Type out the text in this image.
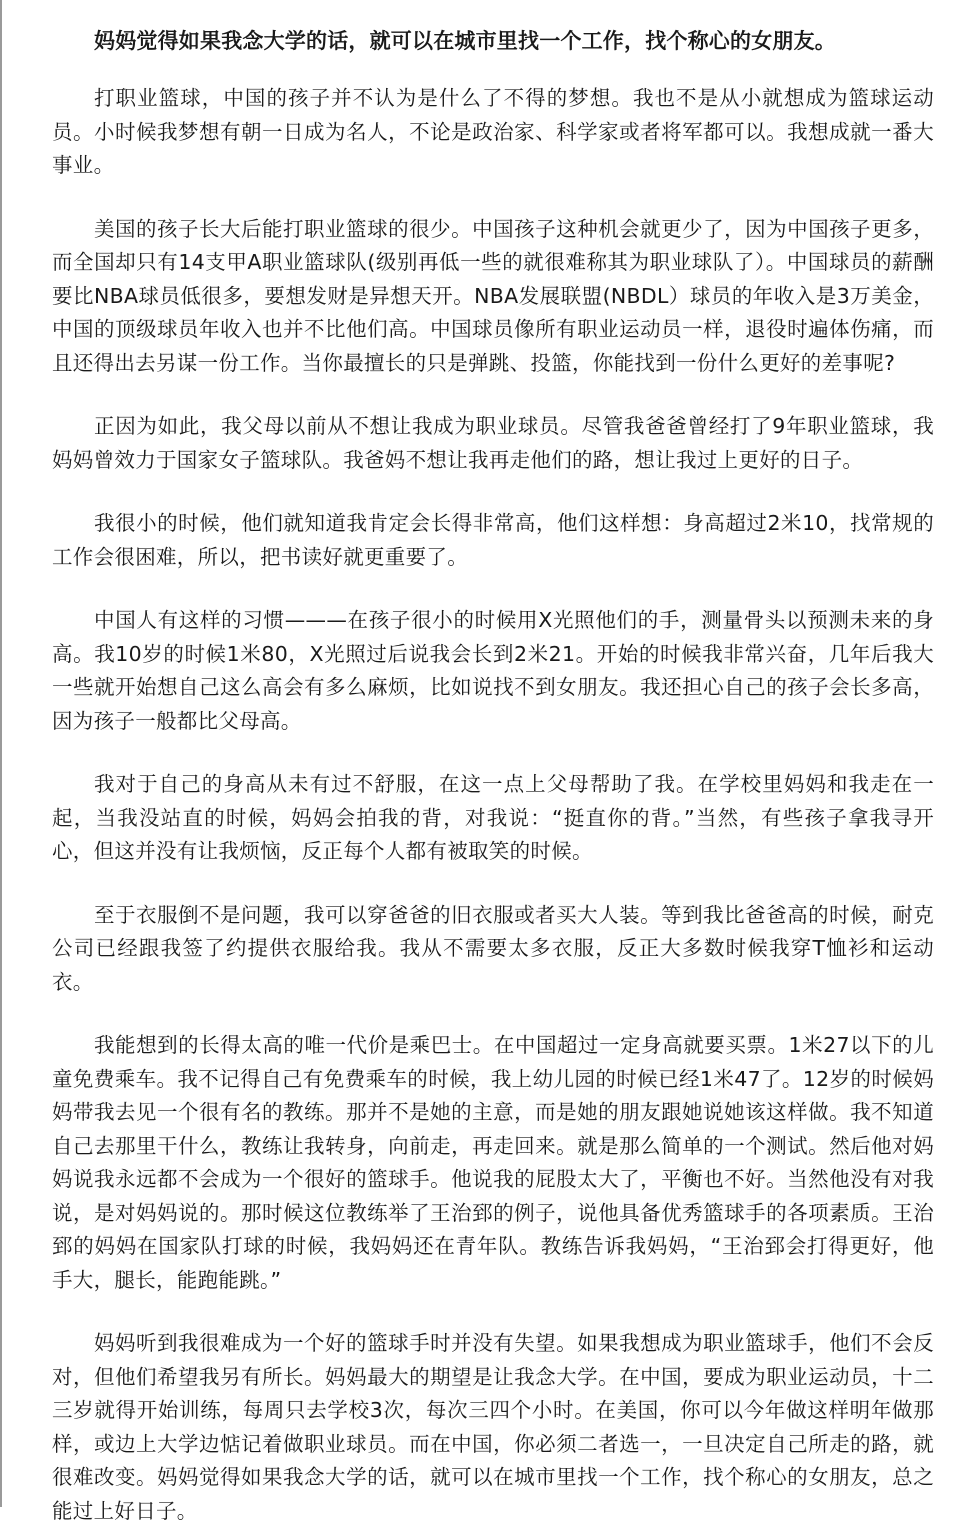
妈妈觉得如果我念大学的话，就可以在城市里找一个工作，找个称心的女朋友。

打职业篮球，中国的孩子并不认为是什么了不得的梦想。我也不是从小就想成为篮球运动员。小时候我梦想有朝一日成为名人，不论是政治家、科学家或者将军都可以。我想成就一番大事业。

美国的孩子长大后能打职业篮球的很少。中国孩子这种机会就更少了，因为中国孩子更多，而全国却只有14支甲A职业篮球队(级别再低一些的就很难称其为职业球队了）。中国球员的薪酬要比NBA球员低很多，要想发财是异想天开。NBA发展联盟(NBDL）球员的年收入是3万美金，中国的顶级球员年收入也并不比他们高。中国球员像所有职业运动员一样，退役时遍体伤痛，而且还得出去另谋一份工作。当你最擅长的只是弹跳、投篮，你能找到一份什么更好的差事呢?

正因为如此，我父母以前从不想让我成为职业球员。尽管我爸爸曾经打了9年职业篮球，我妈妈曾效力于国家女子篮球队。我爸妈不想让我再走他们的路，想让我过上更好的日子。

我很小的时候，他们就知道我肯定会长得非常高，他们这样想：身高超过2米10，找常规的工作会很困难，所以，把书读好就更重要了。

中国人有这样的习惯———在孩子很小的时候用X光照他们的手，测量骨头以预测未来的身高。我10岁的时候1米80，X光照过后说我会长到2米21。开始的时候我非常兴奋，几年后我大一些就开始想自己这么高会有多么麻烦，比如说找不到女朋友。我还担心自己的孩子会长多高，因为孩子一般都比父母高。

我对于自己的身高从未有过不舒服，在这一点上父母帮助了我。在学校里妈妈和我走在一起，当我没站直的时候，妈妈会拍我的背，对我说：“挺直你的背。”当然，有些孩子拿我寻开心，但这并没有让我烦恼，反正每个人都有被取笑的时候。

至于衣服倒不是问题，我可以穿爸爸的旧衣服或者买大人装。等到我比爸爸高的时候，耐克公司已经跟我签了约提供衣服给我。我从不需要太多衣服，反正大多数时候我穿T恤衫和运动衣。

我能想到的长得太高的唯一代价是乘巴士。在中国超过一定身高就要买票。1米27以下的儿童免费乘车。我不记得自己有免费乘车的时候，我上幼儿园的时候已经1米47了。12岁的时候妈妈带我去见一个很有名的教练。那并不是她的主意，而是她的朋友跟她说她该这样做。我不知道自己去那里干什么，教练让我转身，向前走，再走回来。就是那么简单的一个测试。然后他对妈妈说我永远都不会成为一个很好的篮球手。他说我的屁股太大了，平衡也不好。当然他没有对我说，是对妈妈说的。那时候这位教练举了王治郅的例子，说他具备优秀篮球手的各项素质。王治郅的妈妈在国家队打球的时候，我妈妈还在青年队。教练告诉我妈妈，“王治郅会打得更好，他手大，腿长，能跑能跳。”

妈妈听到我很难成为一个好的篮球手时并没有失望。如果我想成为职业篮球手，他们不会反对，但他们希望我另有所长。妈妈最大的期望是让我念大学。在中国，要成为职业运动员，十二三岁就得开始训练，每周只去学校3次，每次三四个小时。在美国，你可以今年做这样明年做那样，或边上大学边惦记着做职业球员。而在中国，你必须二者选一，一旦决定自己所走的路，就很难改变。妈妈觉得如果我念大学的话，就可以在城市里找一个工作，找个称心的女朋友，总之能过上好日子。
